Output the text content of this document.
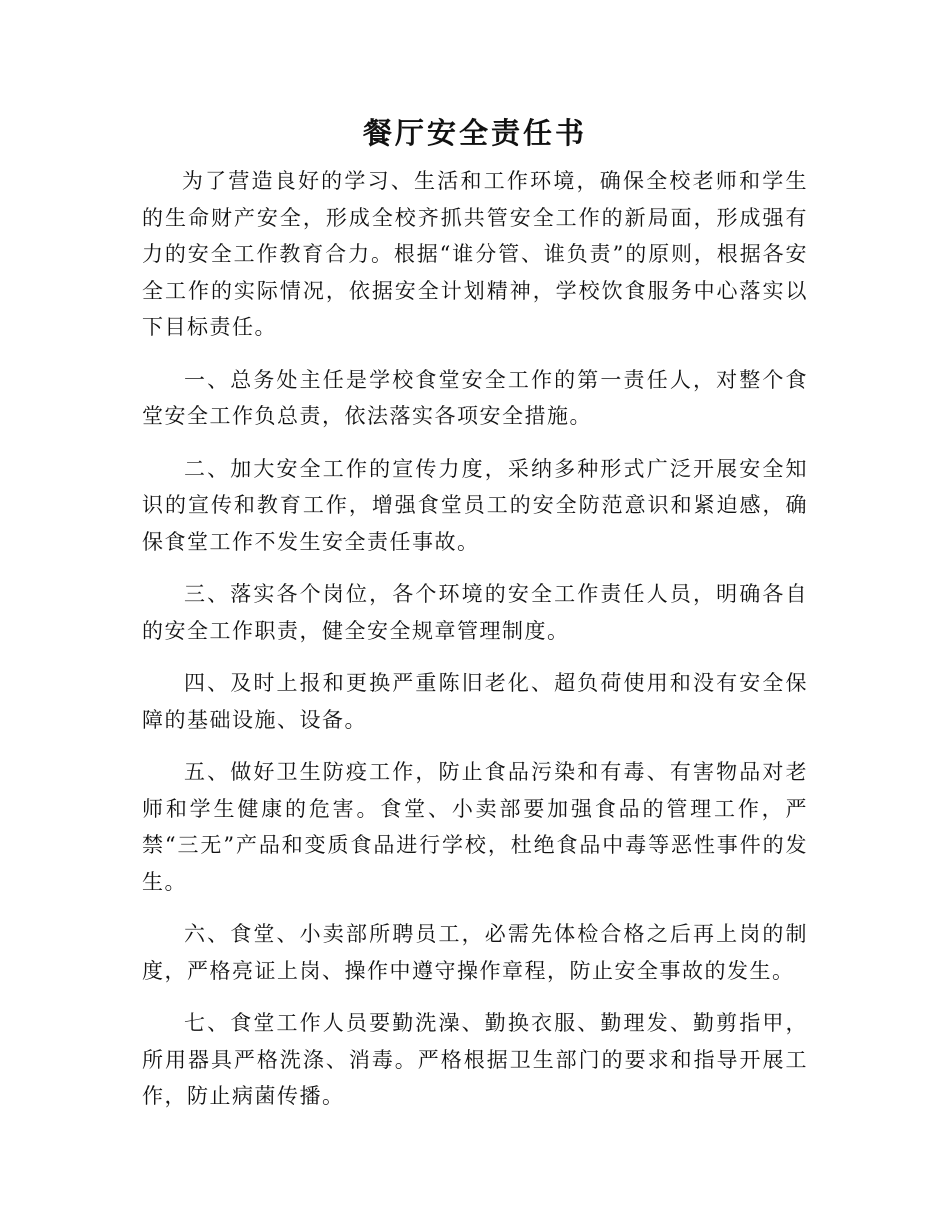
餐厅安全责任书

为了营造良好的学习、生活和工作环境，确保全校老师和学生的生命财产安全，形成全校齐抓共管安全工作的新局面，形成强有力的安全工作教育合力。根据“谁分管、谁负责”的原则，根据各安全工作的实际情况，依据安全计划精神，学校饮食服务中心落实以下目标责任。

一、总务处主任是学校食堂安全工作的第一责任人，对整个食堂安全工作负总责，依法落实各项安全措施。

二、加大安全工作的宣传力度，采纳多种形式广泛开展安全知识的宣传和教育工作，增强食堂员工的安全防范意识和紧迫感，确保食堂工作不发生安全责任事故。

三、落实各个岗位，各个环境的安全工作责任人员，明确各自的安全工作职责，健全安全规章管理制度。

四、及时上报和更换严重陈旧老化、超负荷使用和没有安全保障的基础设施、设备。

五、做好卫生防疫工作，防止食品污染和有毒、有害物品对老师和学生健康的危害。食堂、小卖部要加强食品的管理工作，严禁“三无”产品和变质食品进行学校，杜绝食品中毒等恶性事件的发生。

六、食堂、小卖部所聘员工，必需先体检合格之后再上岗的制度，严格亮证上岗、操作中遵守操作章程，防止安全事故的发生。

七、食堂工作人员要勤洗澡、勤换衣服、勤理发、勤剪指甲，所用器具严格洗涤、消毒。严格根据卫生部门的要求和指导开展工作，防止病菌传播。
